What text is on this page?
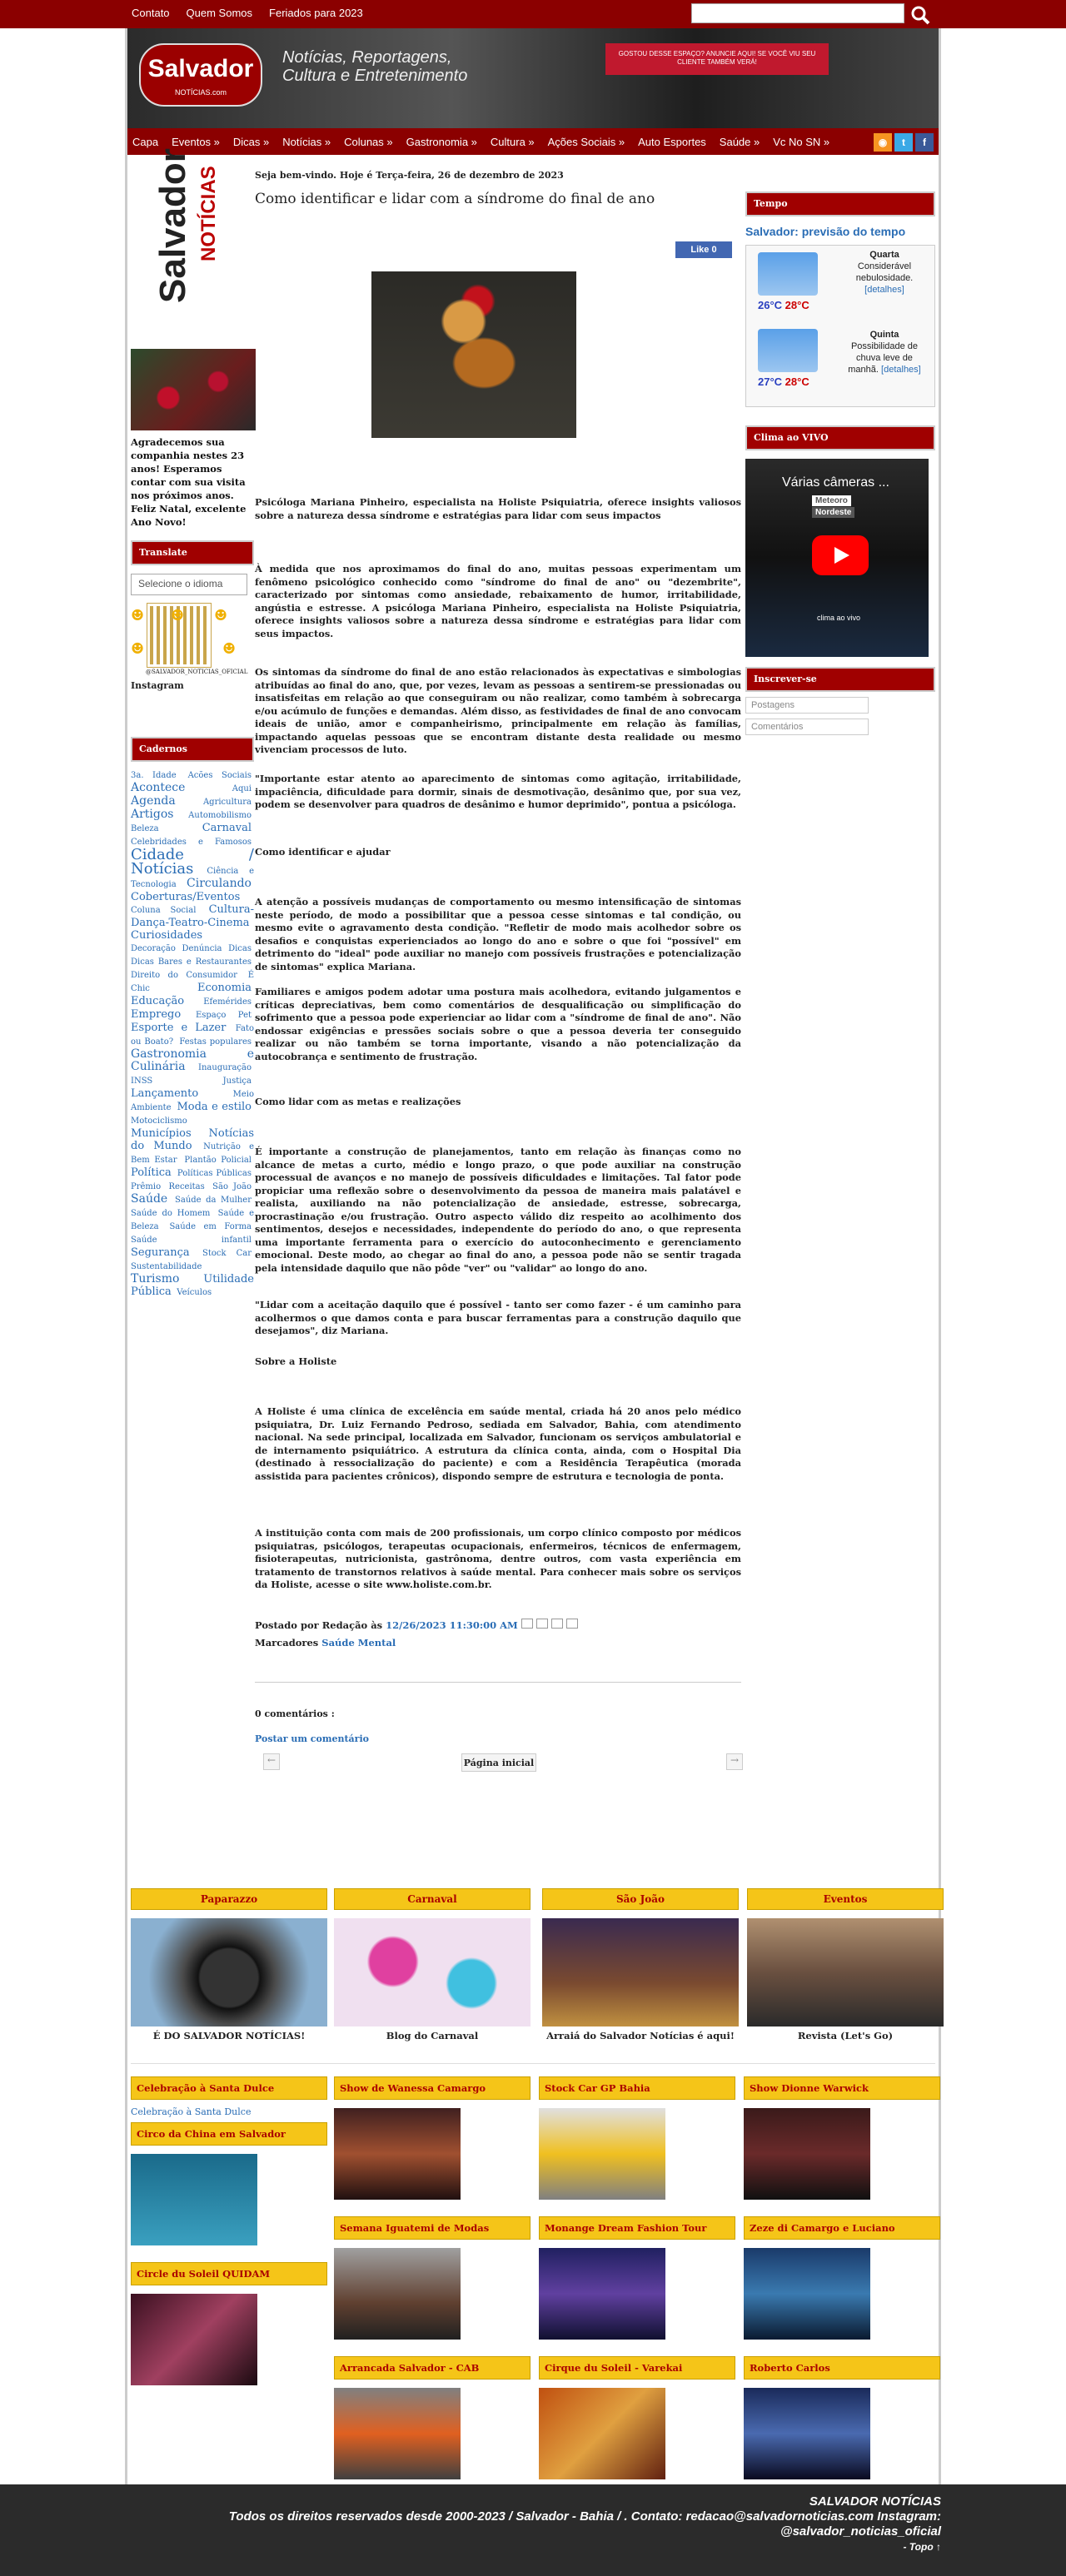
Contato Quem Somos Feriados para 2023
Salvador
NOTÍCIAS.com
Notícias, Reportagens, Cultura e Entretenimento
GOSTOU DESSE ESPAÇO? ANUNCIE AQUI! SE VOCÊ VIU SEU CLIENTE TAMBÉM VERÁ!
Capa Eventos » Dicas » Notícias » Colunas » Gastronomia » Cultura » Ações Sociais » Auto Esportes Saúde » Vc No SN »	◉	t	f
Salvador NOTÍCIAS
Agradecemos sua companhia nestes 23 anos! Esperamos contar com sua visita nos próximos anos. Feliz Natal, excelente Ano Novo!
Translate
Selecione o idioma
@SALVADOR_NOTICIAS_OFICIAL
Instagram
☻ ☻ ☻
☻	☻
Cadernos
3a. Idade Acões Sociais Acontece	Aqui Agenda	Agricultura Artigos Automobilismo Beleza	Carnaval Celebridades e Famosos Cidade / Notícias Ciência e Tecnologia Circulando Coberturas/Eventos Coluna Social Cultura-Dança-Teatro-Cinema Curiosidades Decoração Denúncia Dicas Dicas Bares e Restaurantes Direito do Consumidor É Chic	Economia Educação Efemérides Emprego Espaço Pet Esporte e Lazer Fato ou Boato? Festas populares Gastronomia e Culinária Inauguração INSS	Justiça Lançamento	Meio Ambiente Moda e estilo Motociclismo Municípios Notícias do Mundo Nutrição e Bem Estar Plantão Policial Política Políticas Públicas Prêmio Receitas São João Saúde Saúde da Mulher Saúde do Homem Saúde e Beleza Saúde em Forma Saúde infantil Segurança Stock Car Sustentabilidade Turismo Utilidade Pública Veículos
Seja bem-vindo. Hoje é Terça-feira, 26 de dezembro de 2023
Como identificar e lidar com a síndrome do final de ano
Like 0
Psicóloga Mariana Pinheiro, especialista na Holiste Psiquiatria, oferece insights valiosos sobre a natureza dessa síndrome e estratégias para lidar com seus impactos
À medida que nos aproximamos do final do ano, muitas pessoas experimentam um fenômeno psicológico conhecido como "síndrome do final de ano" ou "dezembrite", caracterizado por sintomas como ansiedade, rebaixamento de humor, irritabilidade, angústia e estresse. A psicóloga Mariana Pinheiro, especialista na Holiste Psiquiatria, oferece insights valiosos sobre a natureza dessa síndrome e estratégias para lidar com seus impactos.
Os sintomas da síndrome do final de ano estão relacionados às expectativas e simbologias atribuídas ao final do ano, que, por vezes, levam as pessoas a sentirem-se pressionadas ou insatisfeitas em relação ao que conseguiram ou não realizar, como também à sobrecarga e/ou acúmulo de funções e demandas. Além disso, as festividades de final de ano convocam ideais de união, amor e companheirismo, principalmente em relação às famílias, impactando aquelas pessoas que se encontram distante desta realidade ou mesmo vivenciam processos de luto.
"Importante estar atento ao aparecimento de sintomas como agitação, irritabilidade, impaciência, dificuldade para dormir, sinais de desmotivação, desânimo que, por sua vez, podem se desenvolver para quadros de desânimo e humor deprimido", pontua a psicóloga.
Como identificar e ajudar
A atenção a possíveis mudanças de comportamento ou mesmo intensificação de sintomas neste período, de modo a possibilitar que a pessoa cesse sintomas e tal condição, ou mesmo evite o agravamento desta condição. "Refletir de modo mais acolhedor sobre os desafios e conquistas experienciados ao longo do ano e sobre o que foi "possível" em detrimento do "ideal" pode auxiliar no manejo com possíveis frustrações e potencialização de sintomas" explica Mariana.
Familiares e amigos podem adotar uma postura mais acolhedora, evitando julgamentos e críticas depreciativas, bem como comentários de desqualificação ou simplificação do sofrimento que a pessoa pode experienciar ao lidar com a "síndrome de final de ano". Não endossar exigências e pressões sociais sobre o que a pessoa deveria ter conseguido realizar ou não também se torna importante, visando a não potencialização da autocobrança e sentimento de frustração.
Como lidar com as metas e realizações
É importante a construção de planejamentos, tanto em relação às finanças como no alcance de metas a curto, médio e longo prazo, o que pode auxiliar na construção processual de avanços e no manejo de possíveis dificuldades e limitações. Tal fator pode propiciar uma reflexão sobre o desenvolvimento da pessoa de maneira mais palatável e realista, auxiliando na não potencialização de ansiedade, estresse, sobrecarga, procrastinação e/ou frustração. Outro aspecto válido diz respeito ao acolhimento dos sentimentos, desejos e necessidades, independente do período do ano, o que representa uma importante ferramenta para o exercício do autoconhecimento e gerenciamento emocional. Deste modo, ao chegar ao final do ano, a pessoa pode não se sentir tragada pela intensidade daquilo que não pôde "ver" ou "validar" ao longo do ano.
"Lidar com a aceitação daquilo que é possível - tanto ser como fazer - é um caminho para acolhermos o que damos conta e para buscar ferramentas para a construção daquilo que desejamos", diz Mariana.
Sobre a Holiste
A Holiste é uma clínica de excelência em saúde mental, criada há 20 anos pelo médico psiquiatra, Dr. Luiz Fernando Pedroso, sediada em Salvador, Bahia, com atendimento nacional. Na sede principal, localizada em Salvador, funcionam os serviços ambulatorial e de internamento psiquiátrico. A estrutura da clínica conta, ainda, com o Hospital Dia (destinado à ressocialização do paciente) e com a Residência Terapêutica (morada assistida para pacientes crônicos), dispondo sempre de estrutura e tecnologia de ponta.
A instituição conta com mais de 200 profissionais, um corpo clínico composto por médicos psiquiatras, psicólogos, terapeutas ocupacionais, enfermeiros, técnicos de enfermagem, fisioterapeutas, nutricionista, gastrônoma, dentre outros, com vasta experiência em tratamento de transtornos relativos à saúde mental. Para conhecer mais sobre os serviços da Holiste, acesse o site www.holiste.com.br.
Postado por Redação às 12/26/2023 11:30:00 AM
Marcadores Saúde Mental
0 comentários :
Postar um comentário
←	Página inicial	→
Tempo
Salvador: previsão do tempo
26°C 28°C
Quarta
Considerável nebulosidade.
[detalhes]
27°C 28°C
Quinta
Possibilidade de chuva leve de manhã. [detalhes]
Clima ao VIVO
Várias câmeras ...
Meteoro
Nordeste
clima ao vivo
Inscrever-se
Postagens
Comentários
Paparazzo
É DO SALVADOR NOTÍCIAS!
Carnaval
Blog do Carnaval
São João
Arraiá do Salvador Notícias é aqui!
Eventos
Revista (Let's Go)
Celebração à Santa Dulce
Celebração à Santa Dulce
Circo da China em Salvador
Circle du Soleil QUIDAM
Show de Wanessa Camargo
Semana Iguatemi de Modas
Arrancada Salvador - CAB
Stock Car GP Bahia
Monange Dream Fashion Tour
Cirque du Soleil - Varekai
Show Dionne Warwick
Zeze di Camargo e Luciano
Roberto Carlos
SALVADOR NOTÍCIAS
Todos os direitos reservados desde 2000-2023 / Salvador - Bahia / . Contato: redacao@salvadornoticias.com Instagram:
@salvador_noticias_oficial
- Topo ↑
